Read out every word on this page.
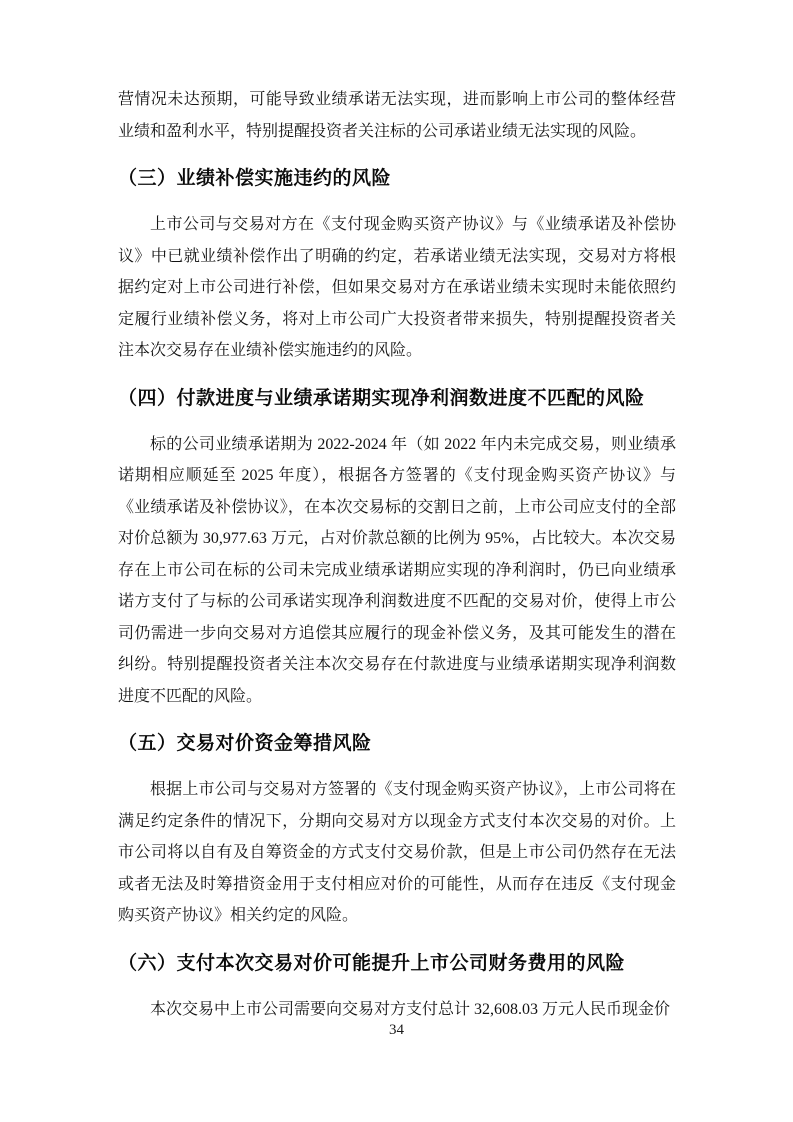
营情况未达预期，可能导致业绩承诺无法实现，进而影响上市公司的整体经营业绩和盈利水平，特别提醒投资者关注标的公司承诺业绩无法实现的风险。

（三）业绩补偿实施违约的风险

上市公司与交易对方在《支付现金购买资产协议》与《业绩承诺及补偿协议》中已就业绩补偿作出了明确的约定，若承诺业绩无法实现，交易对方将根据约定对上市公司进行补偿，但如果交易对方在承诺业绩未实现时未能依照约定履行业绩补偿义务，将对上市公司广大投资者带来损失，特别提醒投资者关注本次交易存在业绩补偿实施违约的风险。

（四）付款进度与业绩承诺期实现净利润数进度不匹配的风险

标的公司业绩承诺期为 2022-2024 年（如 2022 年内未完成交易，则业绩承诺期相应顺延至 2025 年度），根据各方签署的《支付现金购买资产协议》与《业绩承诺及补偿协议》，在本次交易标的交割日之前，上市公司应支付的全部对价总额为 30,977.63 万元，占对价款总额的比例为 95%，占比较大。本次交易存在上市公司在标的公司未完成业绩承诺期应实现的净利润时，仍已向业绩承诺方支付了与标的公司承诺实现净利润数进度不匹配的交易对价，使得上市公司仍需进一步向交易对方追偿其应履行的现金补偿义务，及其可能发生的潜在纠纷。特别提醒投资者关注本次交易存在付款进度与业绩承诺期实现净利润数进度不匹配的风险。

（五）交易对价资金筹措风险

根据上市公司与交易对方签署的《支付现金购买资产协议》，上市公司将在满足约定条件的情况下，分期向交易对方以现金方式支付本次交易的对价。上市公司将以自有及自筹资金的方式支付交易价款，但是上市公司仍然存在无法或者无法及时筹措资金用于支付相应对价的可能性，从而存在违反《支付现金购买资产协议》相关约定的风险。

（六）支付本次交易对价可能提升上市公司财务费用的风险

本次交易中上市公司需要向交易对方支付总计 32,608.03 万元人民币现金价

34
